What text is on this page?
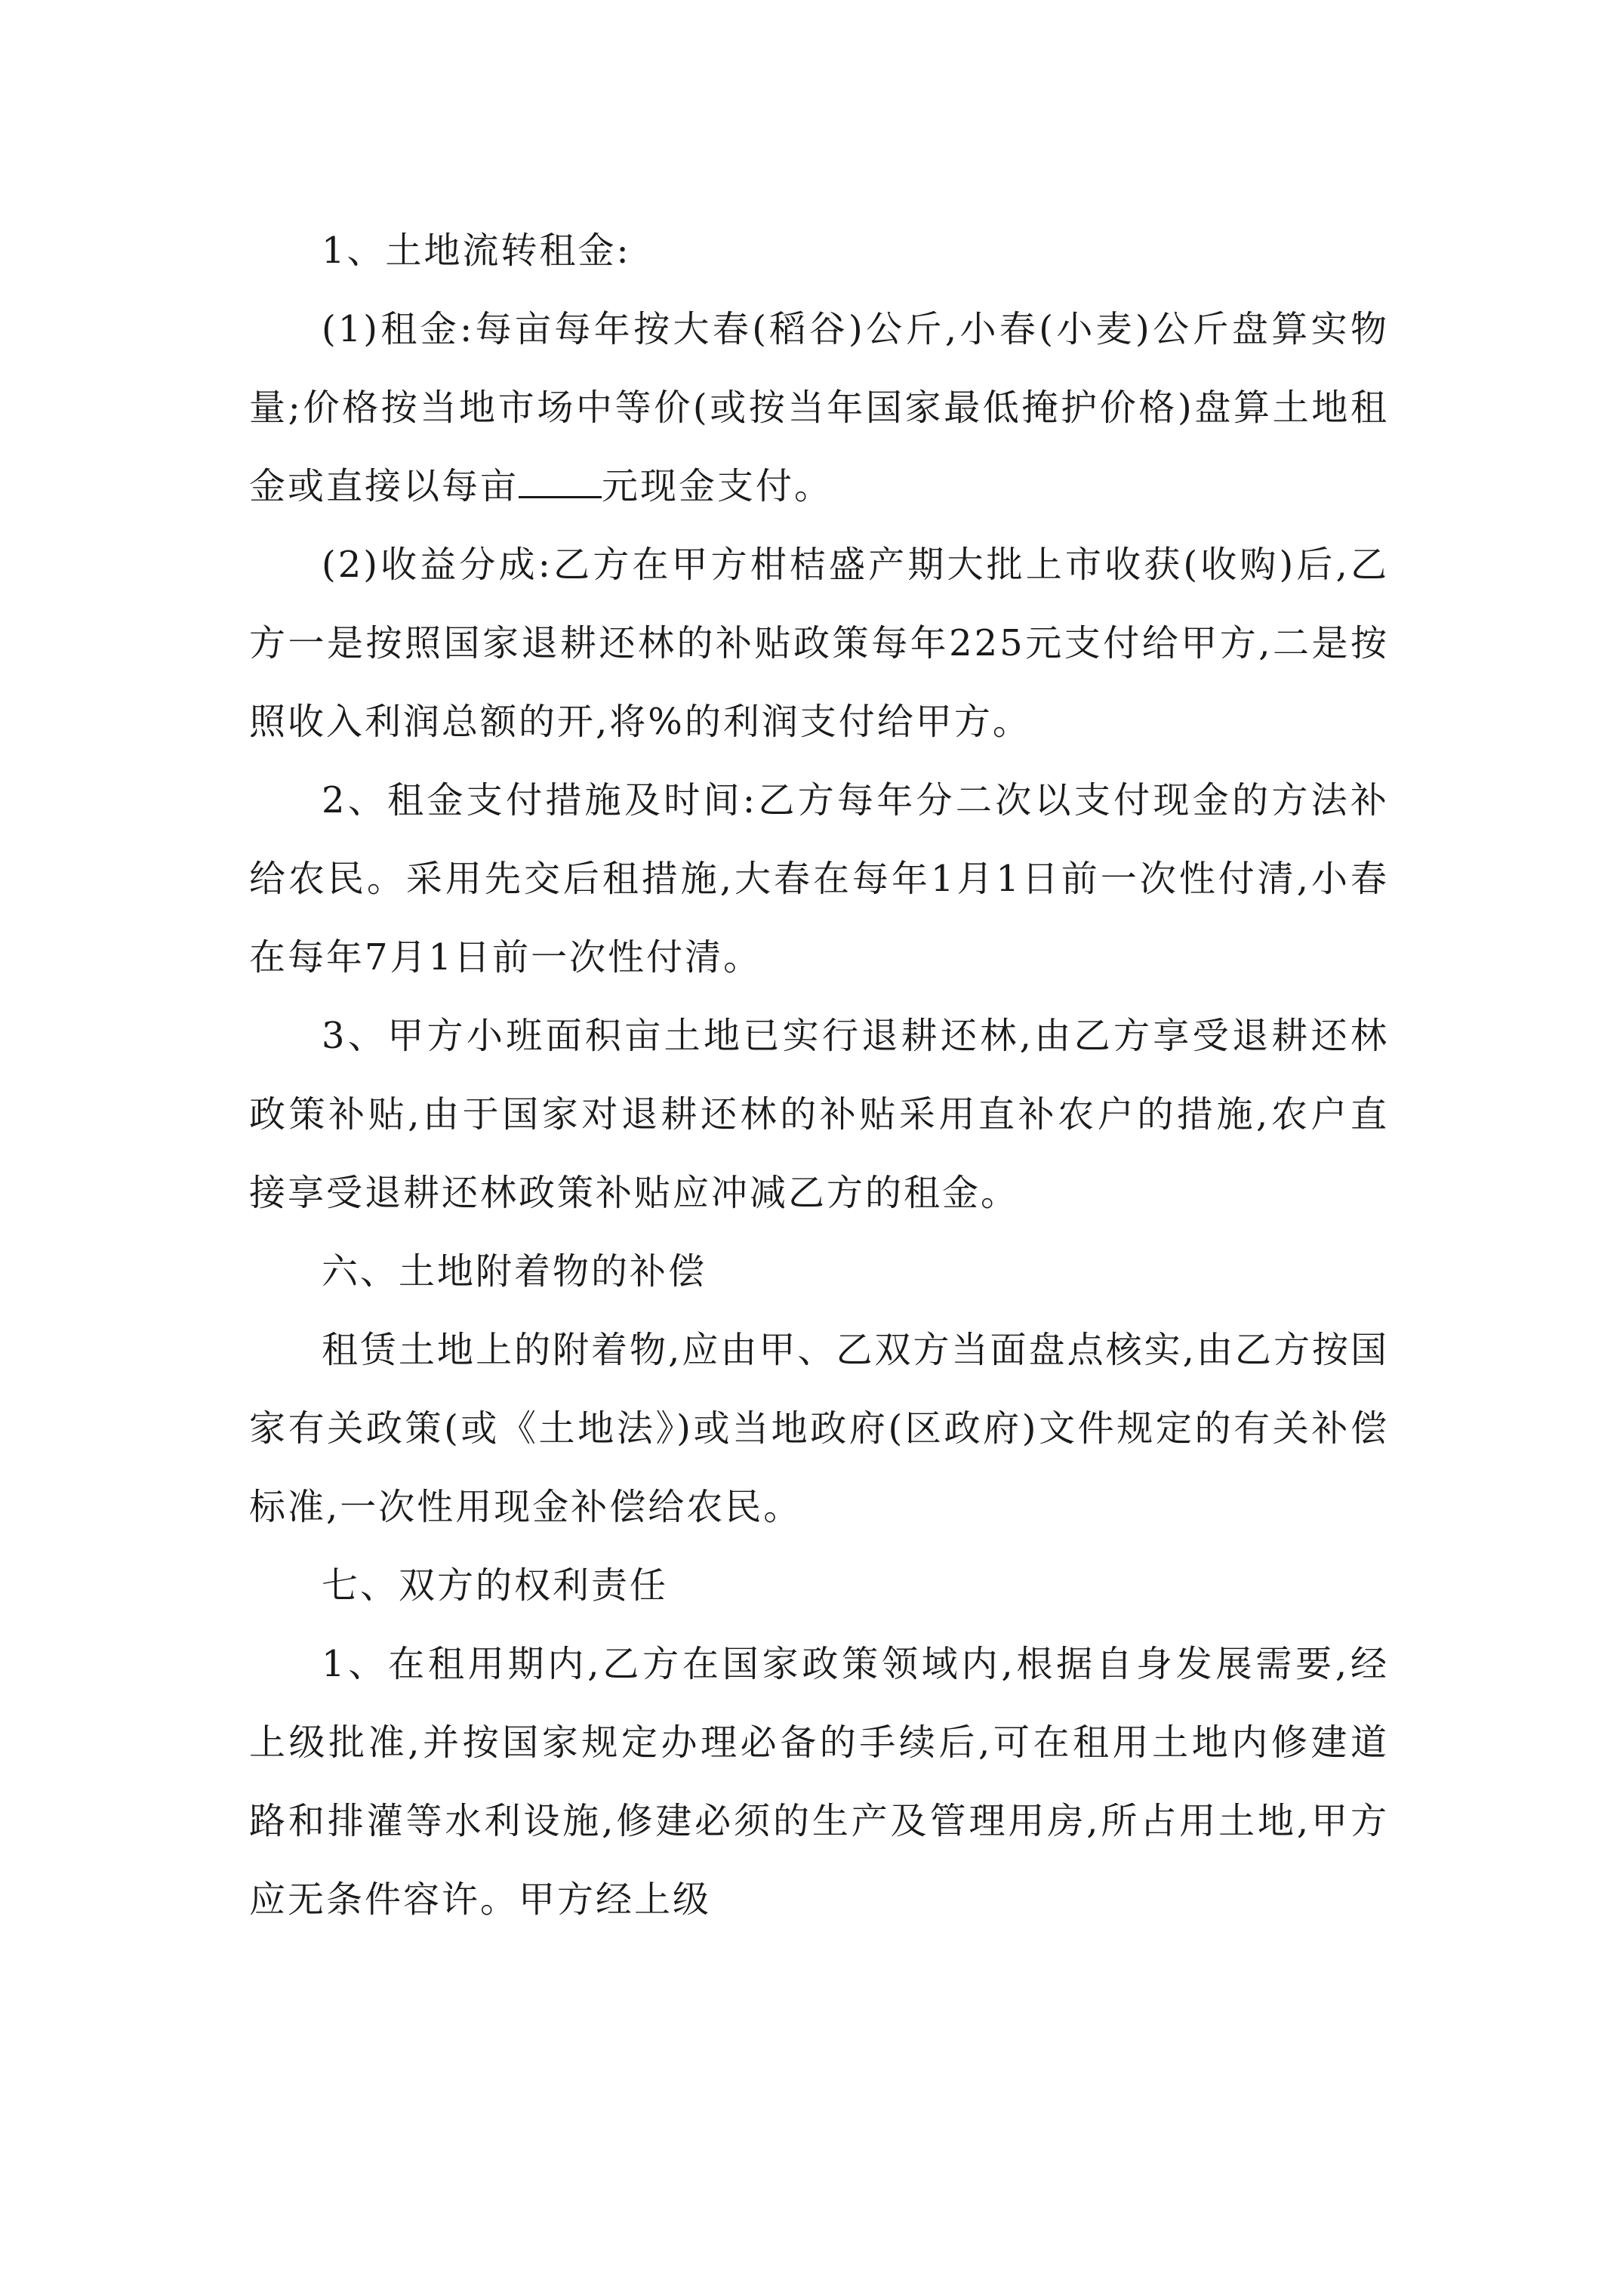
1、土地流转租金:

(1)租金:每亩每年按大春(稻谷)公斤,小春(小麦)公斤盘算实物量;价格按当地市场中等价(或按当年国家最低掩护价格)盘算土地租金或直接以每亩 元现金支付。

(2)收益分成:乙方在甲方柑桔盛产期大批上市收获(收购)后,乙方一是按照国家退耕还林的补贴政策每年225元支付给甲方,二是按照收入利润总额的开,将%的利润支付给甲方。

2、租金支付措施及时间:乙方每年分二次以支付现金的方法补给农民。采用先交后租措施,大春在每年1月1日前一次性付清,小春在每年7月1日前一次性付清。

3、甲方小班面积亩土地已实行退耕还林,由乙方享受退耕还林政策补贴,由于国家对退耕还林的补贴采用直补农户的措施,农户直接享受退耕还林政策补贴应冲减乙方的租金。

六、土地附着物的补偿

租赁土地上的附着物,应由甲、乙双方当面盘点核实,由乙方按国家有关政策(或《土地法》)或当地政府(区政府)文件规定的有关补偿标准,一次性用现金补偿给农民。

七、双方的权利责任

1、在租用期内,乙方在国家政策领域内,根据自身发展需要,经上级批准,并按国家规定办理必备的手续后,可在租用土地内修建道路和排灌等水利设施,修建必须的生产及管理用房,所占用土地,甲方应无条件容许。甲方经上级
